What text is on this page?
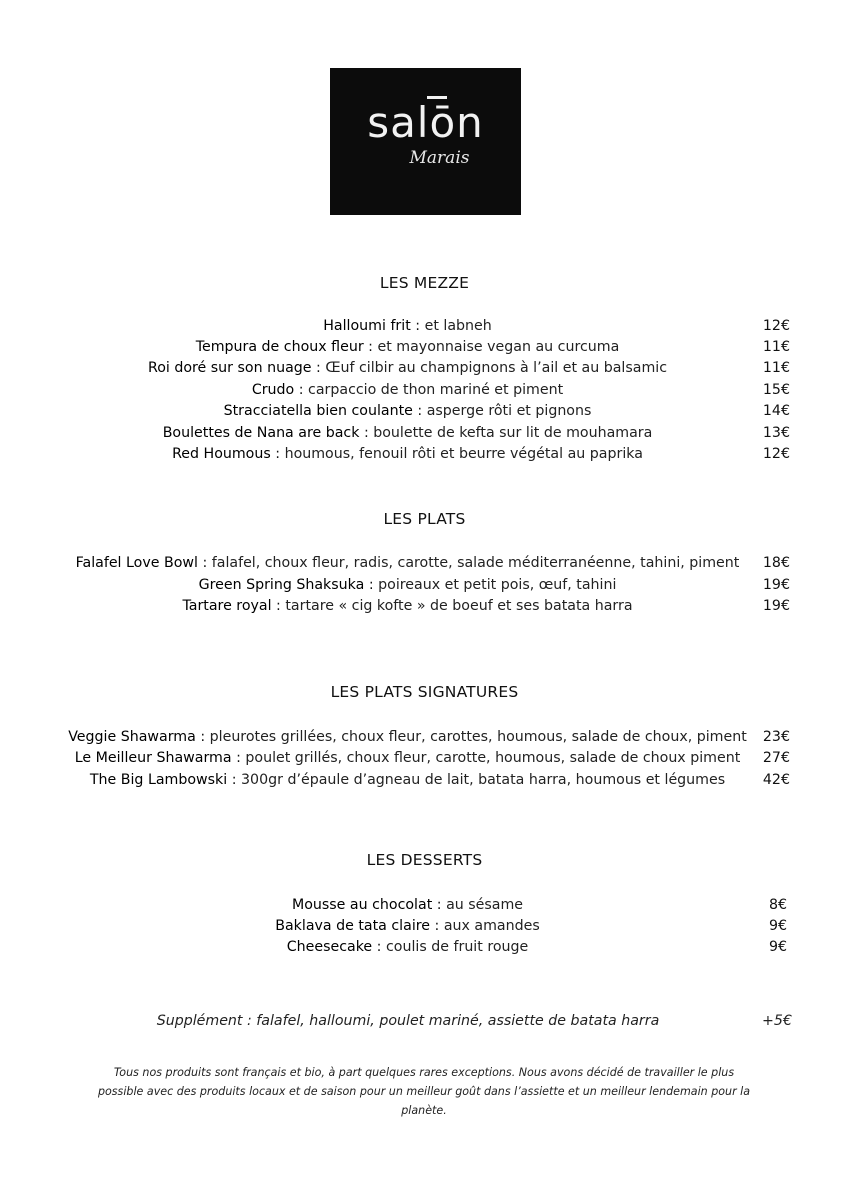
salōn
Marais
LES MEZZE
LES PLATS
LES PLATS SIGNATURES
LES DESSERTS
Halloumi frit : et labneh	12€
Tempura de choux fleur : et mayonnaise vegan au curcuma	11€
Roi doré sur son nuage : Œuf cilbir au champignons à l’ail et au balsamic	11€
Crudo : carpaccio de thon mariné et piment	15€
Stracciatella bien coulante : asperge rôti et pignons	14€
Boulettes de Nana are back : boulette de kefta sur lit de mouhamara	13€
Red Houmous : houmous, fenouil rôti et beurre végétal au paprika	12€
Falafel Love Bowl : falafel, choux fleur, radis, carotte, salade méditerranéenne, tahini, piment	18€
Green Spring Shaksuka : poireaux et petit pois, œuf, tahini	19€
Tartare royal : tartare « cig kofte » de boeuf et ses batata harra	19€
Veggie Shawarma : pleurotes grillées, choux fleur, carottes, houmous, salade de choux, piment	23€
Le Meilleur Shawarma : poulet grillés, choux fleur, carotte, houmous, salade de choux piment	27€
The Big Lambowski : 300gr d’épaule d’agneau de lait, batata harra, houmous et légumes	42€
Mousse au chocolat : au sésame	8€
Baklava de tata claire : aux amandes	9€
Cheesecake : coulis de fruit rouge	9€
Supplément : falafel, halloumi, poulet mariné, assiette de batata harra	+5€
Tous nos produits sont français et bio, à part quelques rares exceptions. Nous avons décidé de travailler le plus possible avec des produits locaux et de saison pour un meilleur goût dans l’assiette et un meilleur lendemain pour la planète.
